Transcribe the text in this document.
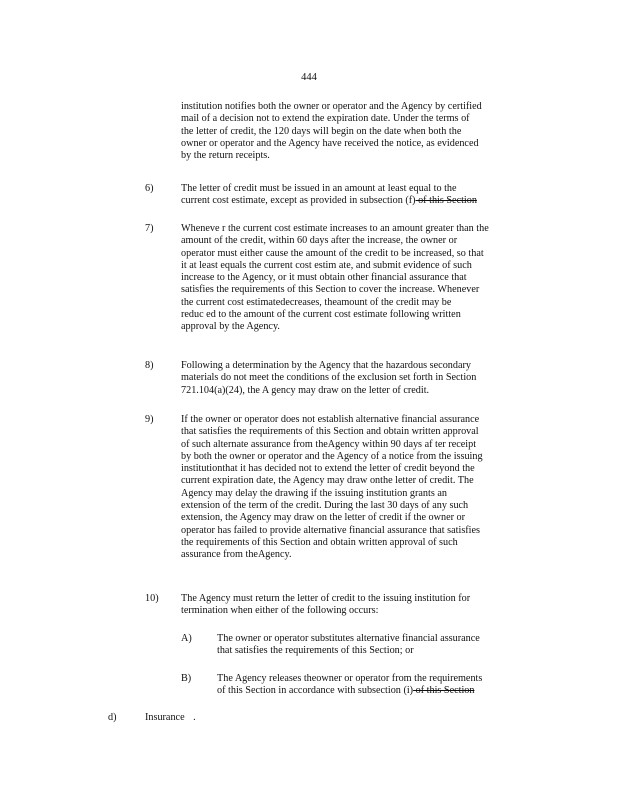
444
institution notifies both the owner or operator and the Agency by certified
mail of a decision not to extend the expiration date. Under the terms of
the letter of credit, the 120 days will begin on the date when both the
owner or operator and the Agency have received the notice, as evidenced
by the return receipts.
6)	The letter of credit must be issued in an amount at least equal to the
current cost estimate, except as provided in subsection (f) of this Section
7)	Wheneve r the current cost estimate increases to an amount greater than the
amount of the credit, within 60 days after the increase, the owner or
operator must either cause the amount of the credit to be increased, so that
it at least equals the current cost estim ate, and submit evidence of such
increase to the Agency, or it must obtain other financial assurance that
satisfies the requirements of this Section to cover the increase. Whenever
the current cost estimatedecreases, theamount of the credit may be
reduc ed to the amount of the current cost estimate following written
approval by the Agency.
8)	Following a determination by the Agency that the hazardous secondary
materials do not meet the conditions of the exclusion set forth in Section
721.104(a)(24), the A gency may draw on the letter of credit.
9)	If the owner or operator does not establish alternative financial assurance
that satisfies the requirements of this Section and obtain written approval
of such alternate assurance from theAgency within 90 days af ter receipt
by both the owner or operator and the Agency of a notice from the issuing
institutionthat it has decided not to extend the letter of credit beyond the
current expiration date, the Agency may draw onthe letter of credit. The
Agency may delay the drawing if the issuing institution grants an
extension of the term of the credit. During the last 30 days of any such
extension, the Agency may draw on the letter of credit if the owner or
operator has failed to provide alternative financial assurance that satisfies
the requirements of this Section and obtain written approval of such
assurance from theAgency.
10) The Agency must return the letter of credit to the issuing institution for
termination when either of the following occurs:
A) The owner or operator substitutes alternative financial assurance
that satisfies the requirements of this Section; or
B)	The Agency releases theowner or operator from the requirements
of this Section in accordance with subsection (i) of this Section
d)	Insurance .
